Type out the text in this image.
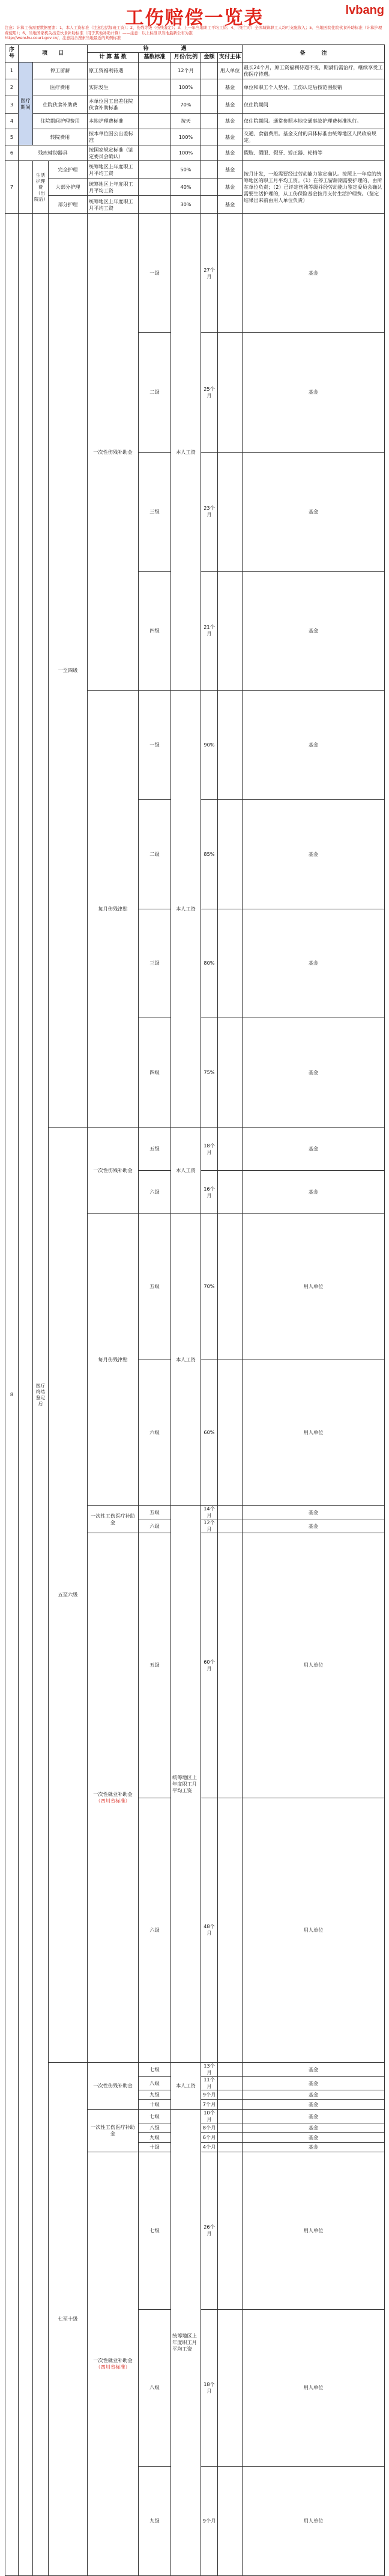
工伤赔偿一览表	lvbang
注意：计算工伤需要数据要素：1、本人工资标准（注意包括加班工资）；2、伤残等级（伤残鉴定）；3、上一年当地职工平均工资；4、（死亡时）全国城镇职工人均可支配收入；5、当地医院住院伙食补助标准（计算护理费使用）；6、当地国家机关出差伙食补助标准（用于其他补助计算）——注意：以上标准以当地最新公布为准
http://wenshu.court.gov.cn/，注意结合搜索当地最近的判例标准
序号	项　　目			待　　　　　　遇					备　　　注	
				计 算 基 数	基数标准	月份/比例	金额	支付主体		
1	医疗期间	停工留薪		原工资福利待遇		12个月		用人单位	最长24个月，原工资福利待遇不变，期满仍需治疗，继续享受工伤医疗待遇。	
2		医疗费用		实际发生		100%		基金	单位和职工个人垫付，工伤认定后按范围报销	
3		住院伙食补助费		本单位因工出差住院伙食补助标准		70%		基金	仅住院期间	
4		住院期间护理费用		本地护理费标准		按天		基金	仅住院期间。通常参照本地交通事故护理费标准执行。	
5		转院费用		按本单位因公出差标准		100%		基金	交通、食宿费用。基金支付的具体标准由统筹地区人民政府规定。	
6	残疾辅助器具			按国家规定标准（鉴定委员会确认）		100%		基金	假肢、假眼、假牙、矫正器、轮椅等	
7		生活护理费（出院后）	完全护理	统筹地区上年度职工月平均工资		50%		基金	按月计发，一般需要经过劳动能力鉴定确认。按照上一年度的统筹地区的职工月平均工资。（1）在停工留薪期需要护理的，由所在单位负责；（2）已评定伤残等级并经劳动能力鉴定委员会确认需要生活护理的，从工伤保险基金按月支付生活护理费。（鉴定结果出来前由用人单位负责）	
			大部分护理	统筹地区上年度职工月平均工资		40%		基金		
			部分护理	统筹地区上年度职工月平均工资		30%		基金		
8		医疗终结鉴定后	一至四级	一次性伤残补助金	一级	本人工资	27个月		基金	
					二级		25个月		基金	
					三级		23个月		基金	
					四级		21个月		基金	
				每月伤残津贴	一级	本人工资	90%		基金	
					二级		85%		基金	
					三级		80%		基金	
					四级		75%		基金	
			五至六级	一次性伤残补助金	五级	本人工资	18个月		基金	
					六级		16个月		基金	
				每月伤残津贴	五级	本人工资	70%		用人单位	
					六级		60%		用人单位	
				一次性工伤医疗补助金	五级	统筹地区上年度职工月平均工资	14个月		基金	
					六级		12个月		基金	
				一次性就业补助金（四川省标准）	五级		60个月		用人单位	
					六级		48个月		用人单位	
			七至十级	一次性伤残补助金	七级	本人工资	13个月		基金	
					八级		11个月		基金	
					九级		9个月		基金	
					十级		7个月		基金	
				一次性工伤医疗补助金	七级	统筹地区上年度职工月平均工资	10个月		基金	
					八级		8个月		基金	
					九级		6个月		基金	
					十级		4个月		基金	
				一次性就业补助金（四川省标准）	七级		26个月		用人单位	
					八级		18个月		用人单位	
					九级		9个月		用人单位	
